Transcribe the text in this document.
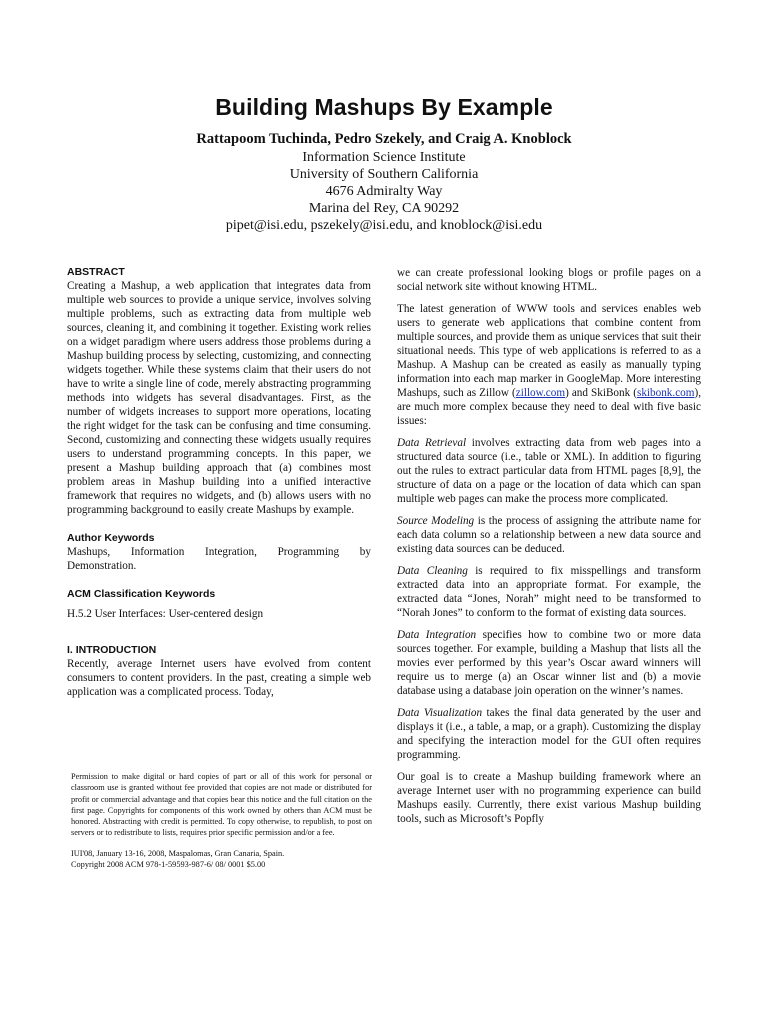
Building Mashups By Example
Rattapoom Tuchinda, Pedro Szekely, and Craig A. Knoblock
Information Science Institute
University of Southern California
4676 Admiralty Way
Marina del Rey, CA 90292
pipet@isi.edu, pszekely@isi.edu, and knoblock@isi.edu
ABSTRACT

Creating a Mashup, a web application that integrates data from multiple web sources to provide a unique service, involves solving multiple problems, such as extracting data from multiple web sources, cleaning it, and combining it together. Existing work relies on a widget paradigm where users address those problems during a Mashup building process by selecting, customizing, and connecting widgets together. While these systems claim that their users do not have to write a single line of code, merely abstracting programming methods into widgets has several disadvantages. First, as the number of widgets increases to support more operations, locating the right widget for the task can be confusing and time consuming. Second, customizing and connecting these widgets usually requires users to understand programming concepts. In this paper, we present a Mashup building approach that (a) combines most problem areas in Mashup building into a unified interactive framework that requires no widgets, and (b) allows users with no programming background to easily create Mashups by example.

Author Keywords

Mashups, Information Integration, Programming by Demonstration.

ACM Classification Keywords

H.5.2 User Interfaces: User-centered design

I. INTRODUCTION

Recently, average Internet users have evolved from content consumers to content providers. In the past, creating a simple web application was a complicated process. Today,

Permission to make digital or hard copies of part or all of this work for personal or classroom use is granted without fee provided that copies are not made or distributed for profit or commercial advantage and that copies bear this notice and the full citation on the first page. Copyrights for components of this work owned by others than ACM must be honored. Abstracting with credit is permitted. To copy otherwise, to republish, to post on servers or to redistribute to lists, requires prior specific permission and/or a fee.

IUI'08, January 13-16, 2008, Maspalomas, Gran Canaria, Spain.

Copyright 2008 ACM 978-1-59593-987-6/ 08/ 0001 $5.00

we can create professional looking blogs or profile pages on a social network site without knowing HTML.

The latest generation of WWW tools and services enables web users to generate web applications that combine content from multiple sources, and provide them as unique services that suit their situational needs. This type of web applications is referred to as a Mashup. A Mashup can be created as easily as manually typing information into each map marker in GoogleMap. More interesting Mashups, such as Zillow (zillow.com) and SkiBonk (skibonk.com), are much more complex because they need to deal with five basic issues:

Data Retrieval involves extracting data from web pages into a structured data source (i.e., table or XML). In addition to figuring out the rules to extract particular data from HTML pages [8,9], the structure of data on a page or the location of data which can span multiple web pages can make the process more complicated.

Source Modeling is the process of assigning the attribute name for each data column so a relationship between a new data source and existing data sources can be deduced.

Data Cleaning is required to fix misspellings and transform extracted data into an appropriate format. For example, the extracted data “Jones, Norah” might need to be transformed to “Norah Jones” to conform to the format of existing data sources.

Data Integration specifies how to combine two or more data sources together. For example, building a Mashup that lists all the movies ever performed by this year’s Oscar award winners will require us to merge (a) an Oscar winner list and (b) a movie database using a database join operation on the winner’s names.

Data Visualization takes the final data generated by the user and displays it (i.e., a table, a map, or a graph). Customizing the display and specifying the interaction model for the GUI often requires programming.

Our goal is to create a Mashup building framework where an average Internet user with no programming experience can build Mashups easily. Currently, there exist various Mashup building tools, such as Microsoft’s Popfly
